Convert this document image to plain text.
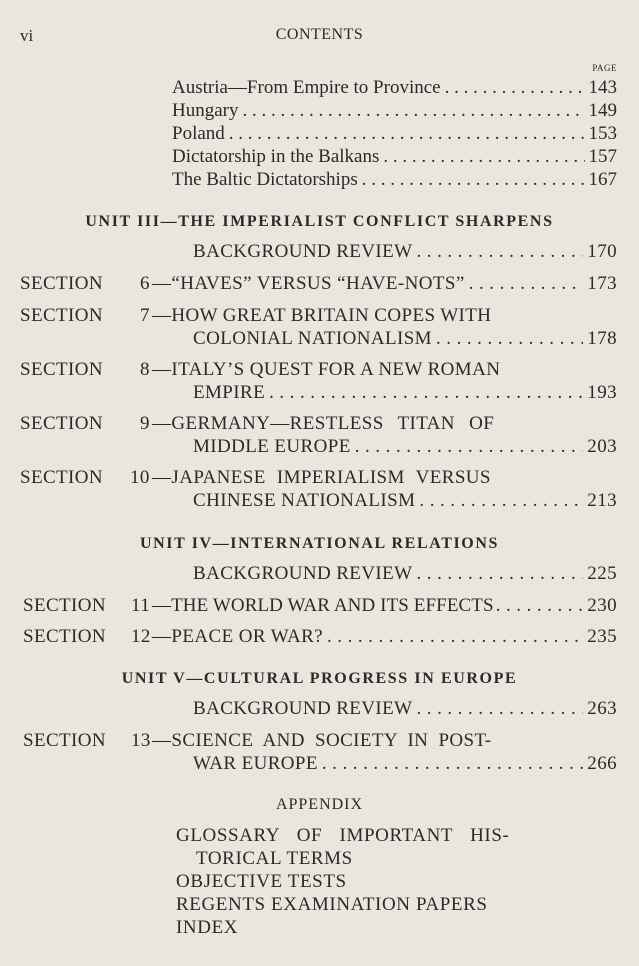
vi	CONTENTS
PAGE
Austria—From Empire to Province . . .	143
Hungary . . .	149
Poland . . .	153
Dictatorship in the Balkans . . .	157
The Baltic Dictatorships . . .	167
UNIT III—THE IMPERIALIST CONFLICT SHARPENS
BACKGROUND REVIEW . . .	170
SECTION 6 —“HAVES” VERSUS “HAVE-NOTS” . . .	173
SECTION 7 —HOW GREAT BRITAIN COPES WITH
COLONIAL NATIONALISM . . .	178
SECTION 8 —ITALY’S QUEST FOR A NEW ROMAN
EMPIRE . . .	193
SECTION 9 —GERMANY—RESTLESS TITAN OF
MIDDLE EUROPE . . .	203
SECTION 10 —JAPANESE IMPERIALISM VERSUS
CHINESE NATIONALISM . . .	213
UNIT IV—INTERNATIONAL RELATIONS
BACKGROUND REVIEW . . .	225
SECTION 11 —THE WORLD WAR AND ITS EFFECTS . . .	230
SECTION 12 —PEACE OR WAR? . . .	235
UNIT V—CULTURAL PROGRESS IN EUROPE
BACKGROUND REVIEW . . .	263
SECTION 13 —SCIENCE AND SOCIETY IN POST-
WAR EUROPE . . .	266
APPENDIX
GLOSSARY OF IMPORTANT HIS-
TORICAL TERMS
OBJECTIVE TESTS
REGENTS EXAMINATION PAPERS
INDEX
